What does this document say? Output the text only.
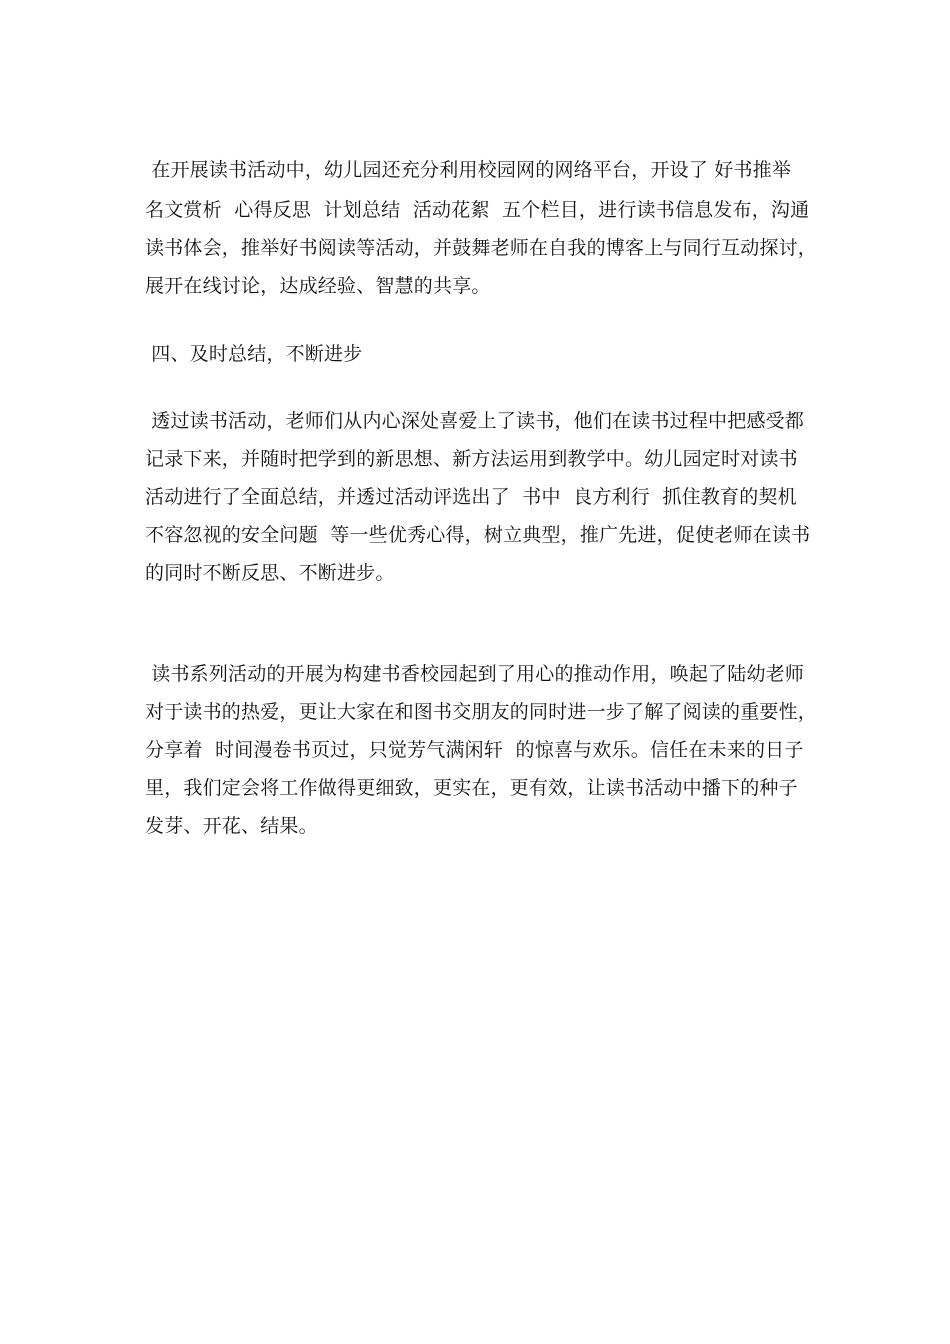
在开展读书活动中，幼儿园还充分利用校园网的网络平台，开设了 好书推举

名文赏析  心得反思  计划总结  活动花絮  五个栏目，进行读书信息发布，沟通

读书体会，推举好书阅读等活动，并鼓舞老师在自我的博客上与同行互动探讨，

展开在线讨论，达成经验、智慧的共享。

四、及时总结，不断进步

透过读书活动，老师们从内心深处喜爱上了读书，他们在读书过程中把感受都

记录下来，并随时把学到的新思想、新方法运用到教学中。幼儿园定时对读书

活动进行了全面总结，并透过活动评选出了  书中  良方利行  抓住教育的契机

不容忽视的安全问题  等一些优秀心得，树立典型，推广先进，促使老师在读书

的同时不断反思、不断进步。

读书系列活动的开展为构建书香校园起到了用心的推动作用，唤起了陆幼老师

对于读书的热爱，更让大家在和图书交朋友的同时进一步了解了阅读的重要性，

分享着  时间漫卷书页过，只觉芳气满闲轩  的惊喜与欢乐。信任在未来的日子

里，我们定会将工作做得更细致，更实在，更有效，让读书活动中播下的种子

发芽、开花、结果。
